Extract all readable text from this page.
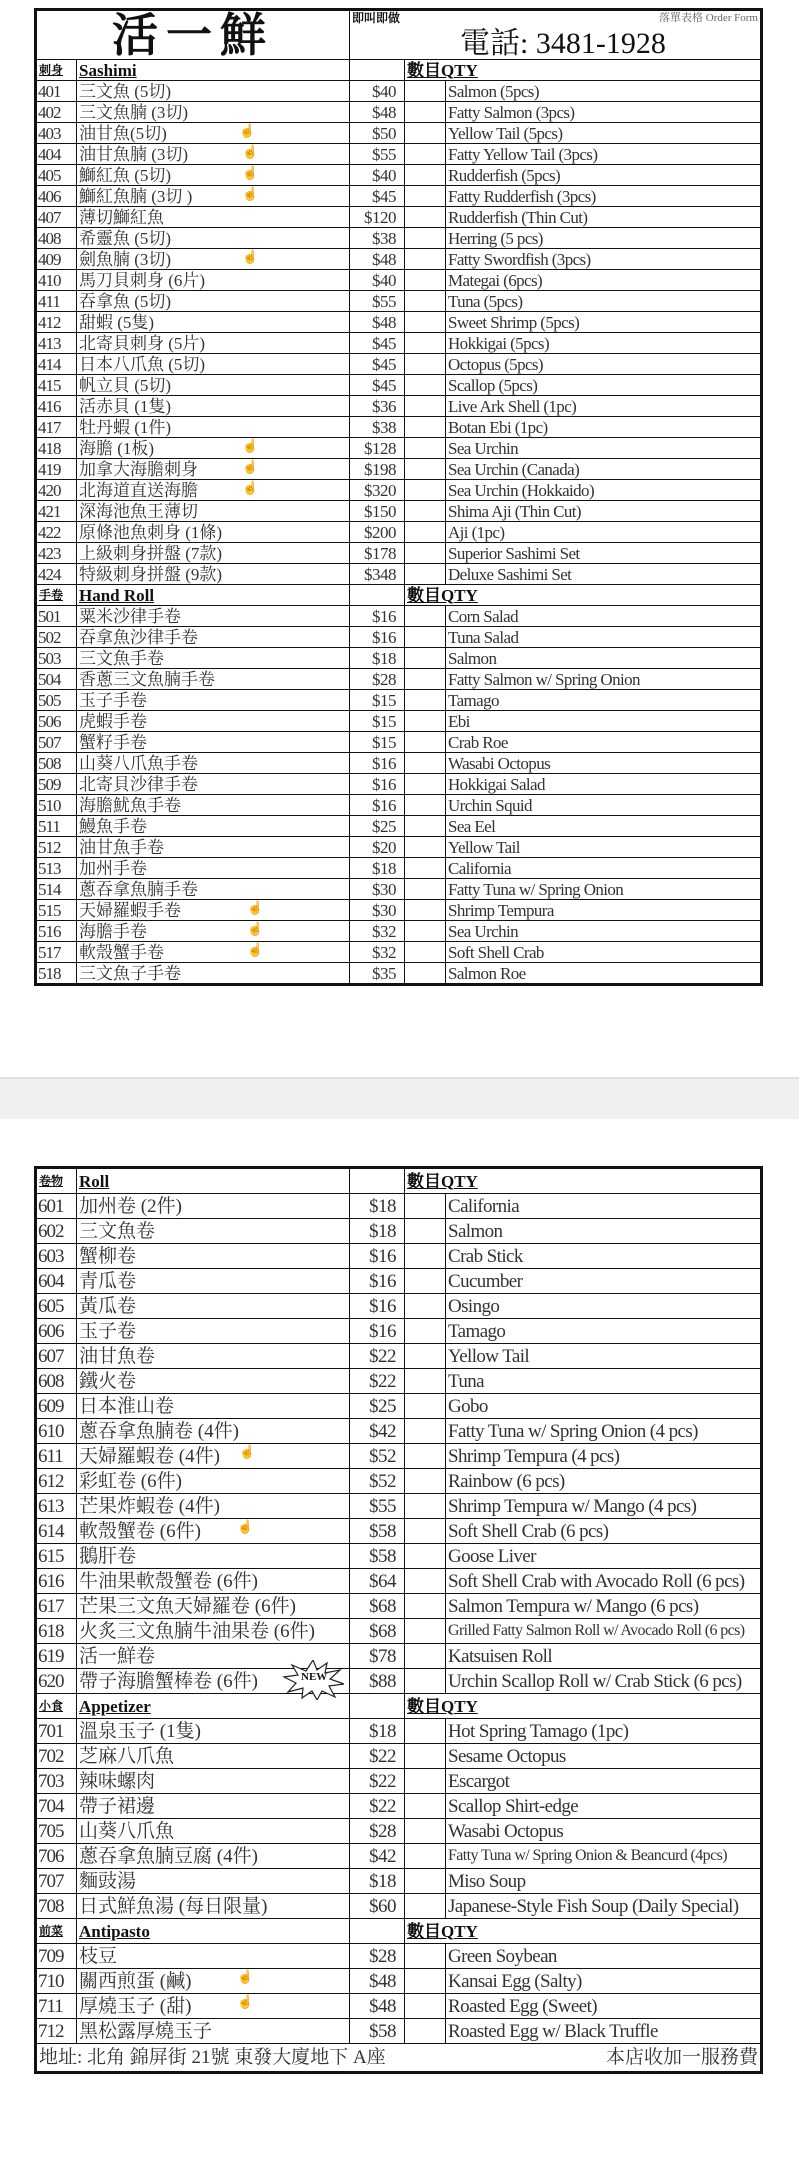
活一鮮		即叫即做 落單表格 Order Form
電話: 3481-1928		

刺身	Sashimi		數目QTY	
401	三文魚 (5切)	$40		Salmon (5pcs)
402	三文魚腩 (3切)	$48		Fatty Salmon (3pcs)
403	油甘魚(5切) ☝	$50		Yellow Tail (5pcs)
404	油甘魚腩 (3切) ☝	$55		Fatty Yellow Tail (3pcs)
405	鰤紅魚 (5切) ☝	$40		Rudderfish (5pcs)
406	鰤紅魚腩 (3切 ) ☝	$45		Fatty Rudderfish (3pcs)
407	薄切鰤紅魚	$120		Rudderfish (Thin Cut)
408	希靈魚 (5切)	$38		Herring (5 pcs)
409	劍魚腩 (3切) ☝	$48		Fatty Swordfish (3pcs)
410	馬刀貝刺身 (6片)	$40		Mategai (6pcs)
411	吞拿魚 (5切)	$55		Tuna (5pcs)
412	甜蝦 (5隻)	$48		Sweet Shrimp (5pcs)
413	北寄貝刺身 (5片)	$45		Hokkigai (5pcs)
414	日本八爪魚 (5切)	$45		Octopus (5pcs)
415	帆立貝 (5切)	$45		Scallop (5pcs)
416	活赤貝 (1隻)	$36		Live Ark Shell (1pc)
417	牡丹蝦 (1件)	$38		Botan Ebi (1pc)
418	海膽 (1板) ☝	$128		Sea Urchin
419	加拿大海膽刺身 ☝	$198		Sea Urchin (Canada)
420	北海道直送海膽 ☝	$320		Sea Urchin (Hokkaido)
421	深海池魚王薄切	$150		Shima Aji (Thin Cut)
422	原條池魚刺身 (1條)	$200		Aji (1pc)
423	上級刺身拼盤 (7款)	$178		Superior Sashimi Set
424	特級刺身拼盤 (9款)	$348		Deluxe Sashimi Set
手卷	Hand Roll		數目QTY	
501	粟米沙律手卷	$16		Corn Salad
502	吞拿魚沙律手卷	$16		Tuna Salad
503	三文魚手卷	$18		Salmon
504	香蔥三文魚腩手卷	$28		Fatty Salmon w/ Spring Onion
505	玉子手卷	$15		Tamago
506	虎蝦手卷	$15		Ebi
507	蟹籽手卷	$15		Crab Roe
508	山葵八爪魚手卷	$16		Wasabi Octopus
509	北寄貝沙律手卷	$16		Hokkigai Salad
510	海膽魷魚手卷	$16		Urchin Squid
511	鰻魚手卷	$25		Sea Eel
512	油甘魚手卷	$20		Yellow Tail
513	加州手卷	$18		California
514	蔥吞拿魚腩手卷	$30		Fatty Tuna w/ Spring Onion
515	天婦羅蝦手卷 ☝	$30		Shrimp Tempura
516	海膽手卷 ☝	$32		Sea Urchin
517	軟殼蟹手卷 ☝	$32		Soft Shell Crab
518	三文魚子手卷	$35		Salmon Roe
卷物	Roll		數目QTY	
601	加州卷 (2件)	$18		California
602	三文魚卷	$18		Salmon
603	蟹柳卷	$16		Crab Stick
604	青瓜卷	$16		Cucumber
605	黃瓜卷	$16		Osingo
606	玉子卷	$16		Tamago
607	油甘魚卷	$22		Yellow Tail
608	鐵火卷	$22		Tuna
609	日本淮山卷	$25		Gobo
610	蔥吞拿魚腩卷 (4件)	$42		Fatty Tuna w/ Spring Onion (4 pcs)
611	天婦羅蝦卷 (4件) ☝	$52		Shrimp Tempura (4 pcs)
612	彩虹卷 (6件)	$52		Rainbow (6 pcs)
613	芒果炸蝦卷 (4件)	$55		Shrimp Tempura w/ Mango (4 pcs)
614	軟殼蟹卷 (6件) ☝	$58		Soft Shell Crab (6 pcs)
615	鵝肝卷	$58		Goose Liver
616	牛油果軟殼蟹卷 (6件)	$64		Soft Shell Crab with Avocado Roll (6 pcs)
617	芒果三文魚天婦羅卷 (6件)	$68		Salmon Tempura w/ Mango (6 pcs)
618	火炙三文魚腩牛油果卷 (6件)	$68		Grilled Fatty Salmon Roll w/ Avocado Roll (6 pcs)
619	活一鮮卷	$78		Katsuisen Roll
620	帶子海膽蟹棒卷 (6件) NEW	$88		Urchin Scallop Roll w/ Crab Stick (6 pcs)
小食	Appetizer		數目QTY	
701	溫泉玉子 (1隻)	$18		Hot Spring Tamago (1pc)
702	芝麻八爪魚	$22		Sesame Octopus
703	辣味螺肉	$22		Escargot
704	帶子裙邊	$22		Scallop Shirt-edge
705	山葵八爪魚	$28		Wasabi Octopus
706	蔥吞拿魚腩豆腐 (4件)	$42		Fatty Tuna w/ Spring Onion & Beancurd (4pcs)
707	麵豉湯	$18		Miso Soup
708	日式鮮魚湯 (每日限量)	$60		Japanese-Style Fish Soup (Daily Special)
前菜	Antipasto		數目QTY	
709	枝豆	$28		Green Soybean
710	關西煎蛋 (鹹) ☝	$48		Kansai Egg (Salty)
711	厚燒玉子 (甜) ☝	$48		Roasted Egg (Sweet)
712	黑松露厚燒玉子	$58		Roasted Egg w/ Black Truffle
地址: 北角 錦屏街 21號 東發大廈地下 A座 本店收加一服務費				
